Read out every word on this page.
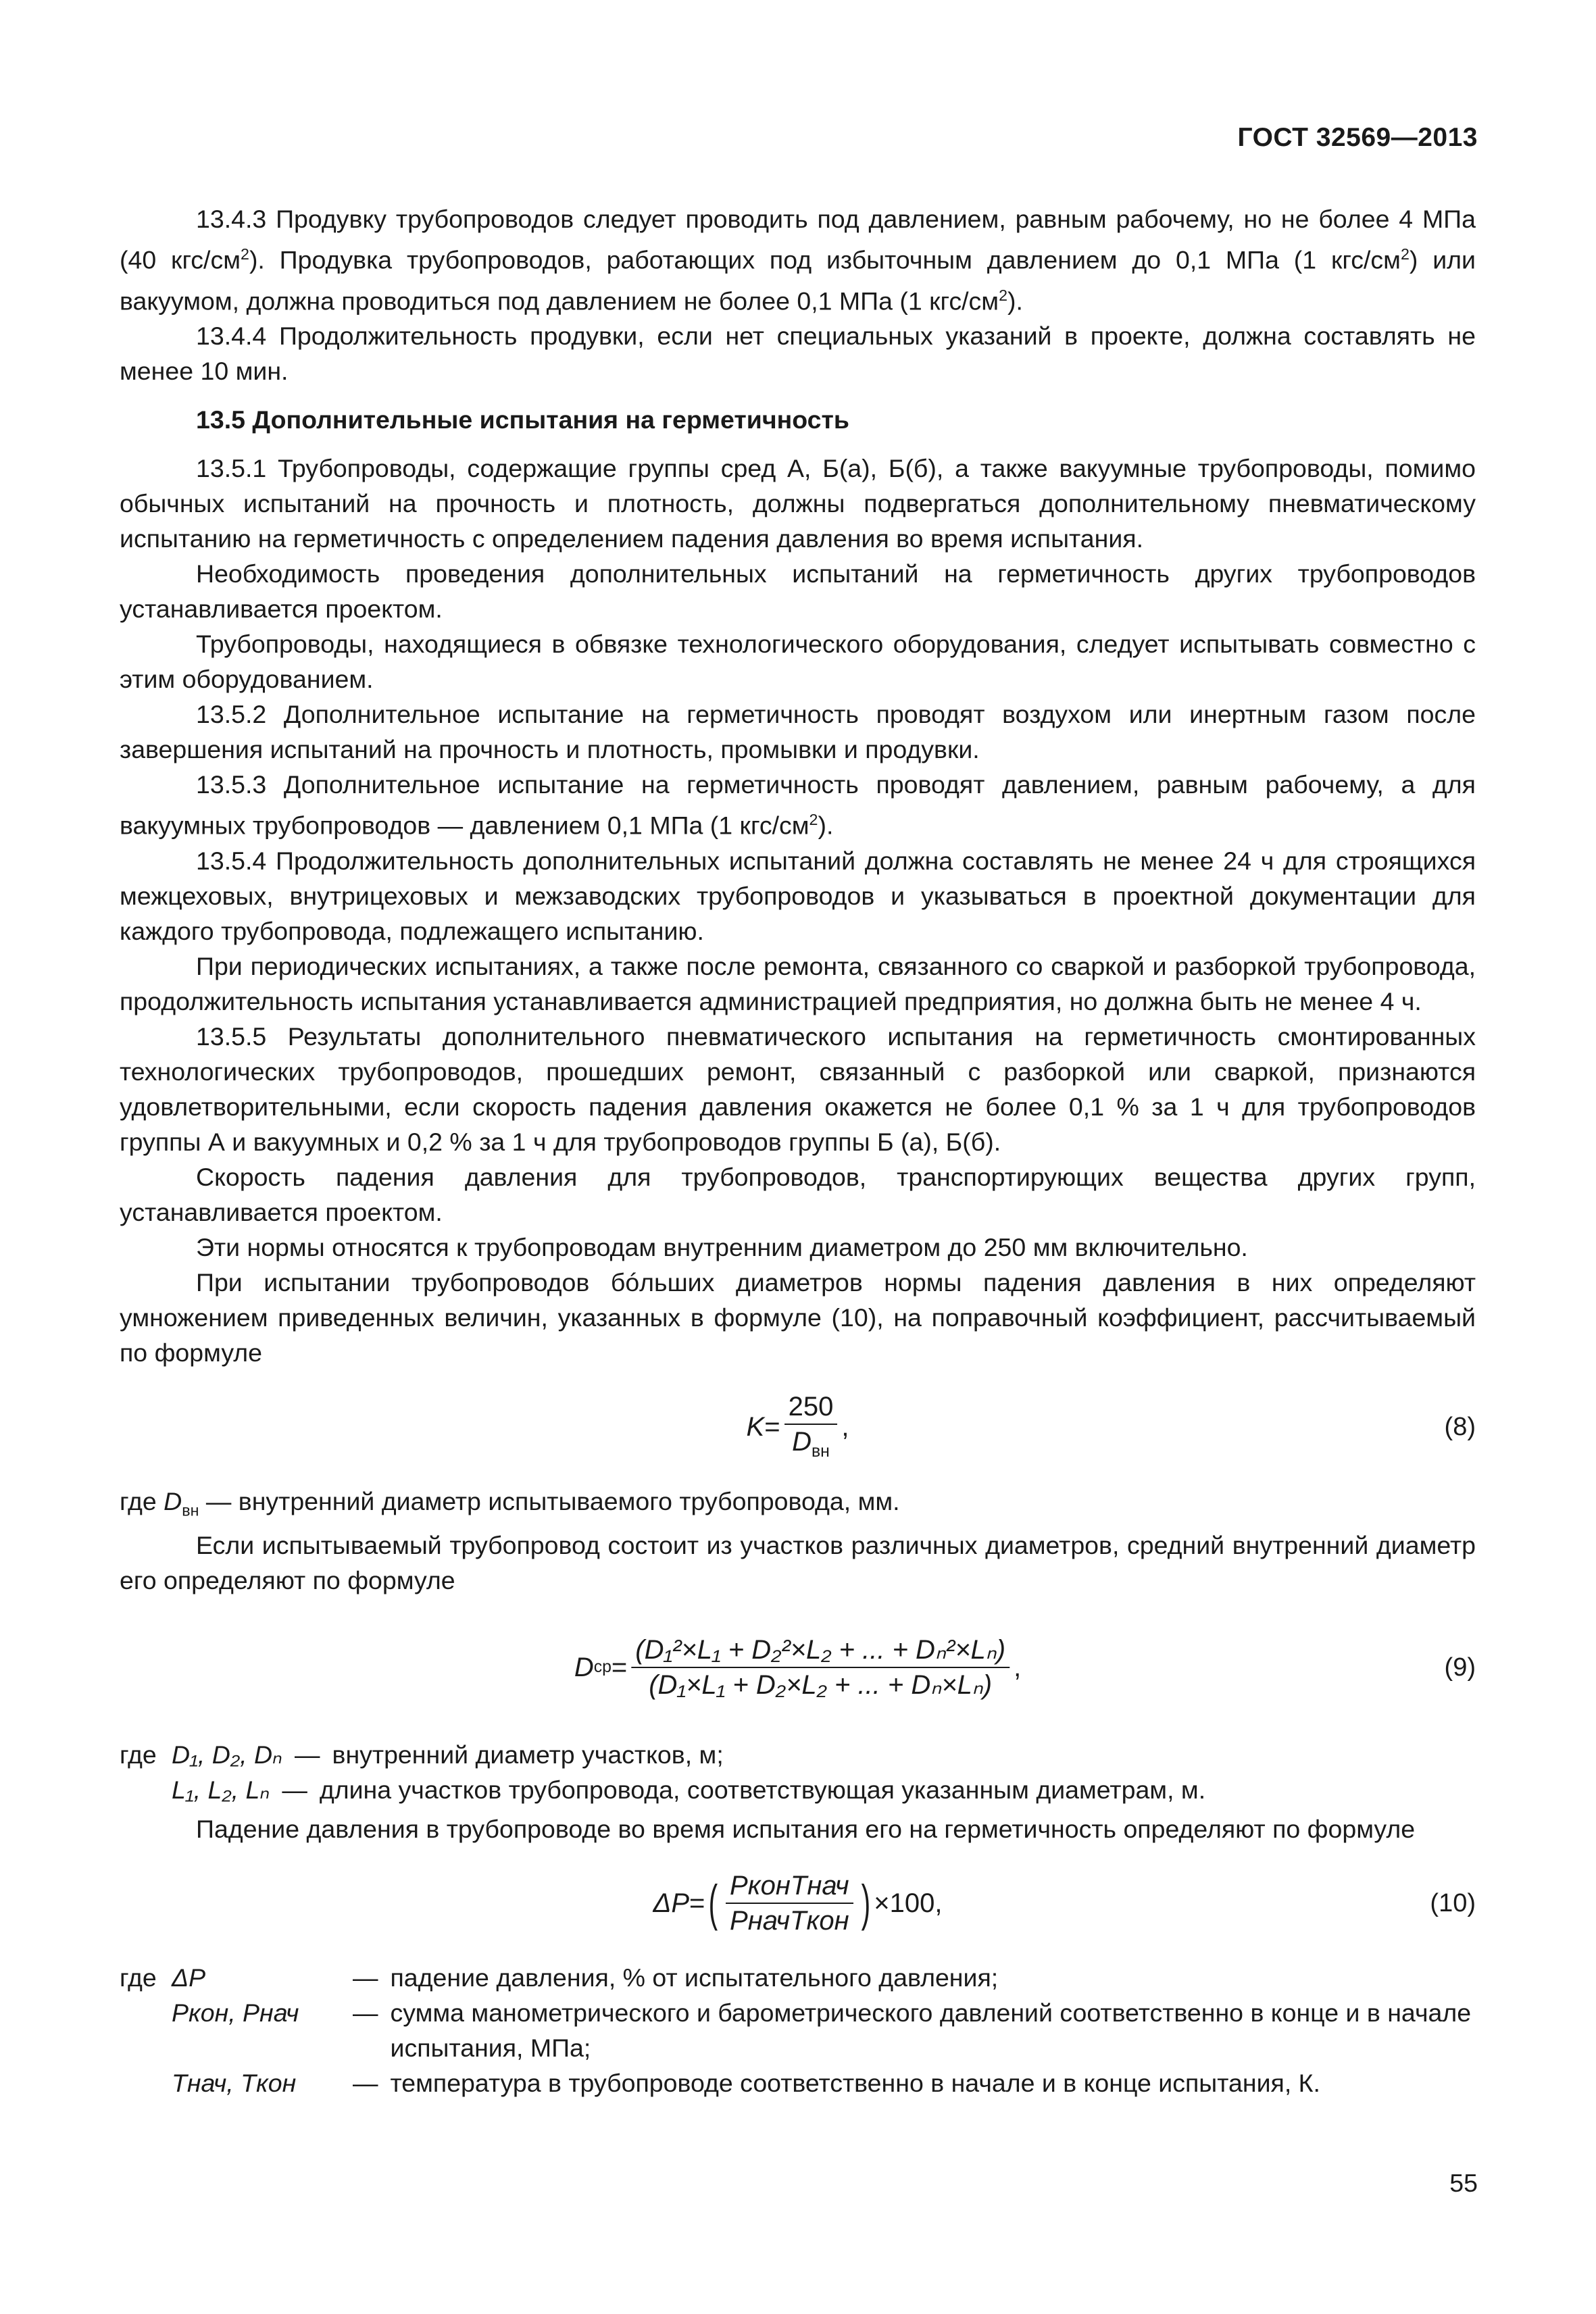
ГОСТ 32569—2013

13.4.3 Продувку трубопроводов следует проводить под давлением, равным рабочему, но не более 4 МПа (40 кгс/$см^2$). Продувка трубопроводов, работающих под избыточным давлением до 0,1 МПа (1 кгс/$см^2$) или вакуумом, должна проводиться под давлением не более 0,1 МПа (1 кгс/$см^2$).

13.4.4 Продолжительность продувки, если нет специальных указаний в проекте, должна составлять не менее 10 мин.

13.5 Дополнительные испытания на герметичность

13.5.1 Трубопроводы, содержащие группы сред А, Б(а), Б(б), а также вакуумные трубопроводы, помимо обычных испытаний на прочность и плотность, должны подвергаться дополнительному пневматическому испытанию на герметичность с определением падения давления во время испытания.

Необходимость проведения дополнительных испытаний на герметичность других трубопроводов устанавливается проектом.

Трубопроводы, находящиеся в обвязке технологического оборудования, следует испытывать совместно с этим оборудованием.

13.5.2 Дополнительное испытание на герметичность проводят воздухом или инертным газом после завершения испытаний на прочность и плотность, промывки и продувки.

13.5.3 Дополнительное испытание на герметичность проводят давлением, равным рабочему, а для вакуумных трубопроводов — давлением 0,1 МПа (1 кгс/$см^2$).

13.5.4 Продолжительность дополнительных испытаний должна составлять не менее 24 ч для строящихся межцеховых, внутрицеховых и межзаводских трубопроводов и указываться в проектной документации для каждого трубопровода, подлежащего испытанию.

При периодических испытаниях, а также после ремонта, связанного со сваркой и разборкой трубопровода, продолжительность испытания устанавливается администрацией предприятия, но должна быть не менее 4 ч.

13.5.5 Результаты дополнительного пневматического испытания на герметичность смонтированных технологических трубопроводов, прошедших ремонт, связанный с разборкой или сваркой, признаются удовлетворительными, если скорость падения давления окажется не более 0,1 % за 1 ч для трубопроводов группы А и вакуумных и 0,2 % за 1 ч для трубопроводов группы Б (а), Б(б).

Скорость падения давления для трубопроводов, транспортирующих вещества других групп, устанавливается проектом.

Эти нормы относятся к трубопроводам внутренним диаметром до 250 мм включительно.

При испытании трубопроводов бóльших диаметров нормы падения давления в них определяют умножением приведенных величин, указанных в формуле (10), на поправочный коэффициент, рассчитываемый по формуле

$K = \frac{250}{D_{вн}}$ ,	(8)

где $D_{вн}$ — внутренний диаметр испытываемого трубопровода, мм.

Если испытываемый трубопровод состоит из участков различных диаметров, средний внутренний диаметр его определяют по формуле

D ср = $\frac{\text{(D₁²×L₁ + D₂²×L₂ + ... + Dₙ²×Lₙ)}}{\text{(D₁×L₁ + D₂×L₂ + ... + Dₙ×Lₙ)}}$ ,	(9)
где D₁, D₂, Dₙ — внутренний диаметр участков, м;
L₁, L₂, Lₙ — длина участков трубопровода, соответствующая указанным диаметрам, м.

Падение давления в трубопроводе во время испытания его на герметичность определяют по формуле

ΔP = ( $\frac{\text{PконTнач}}{\text{PначTкон}}$ ) ×100,	(10)
где ΔP	— падение давления, % от испытательного давления;
Pкон, Pнач	— сумма манометрического и барометрического давлений соответственно в конце и в начале испытания, МПа;
Tнач, Tкон	— температура в трубопроводе соответственно в начале и в конце испытания, К.
55
